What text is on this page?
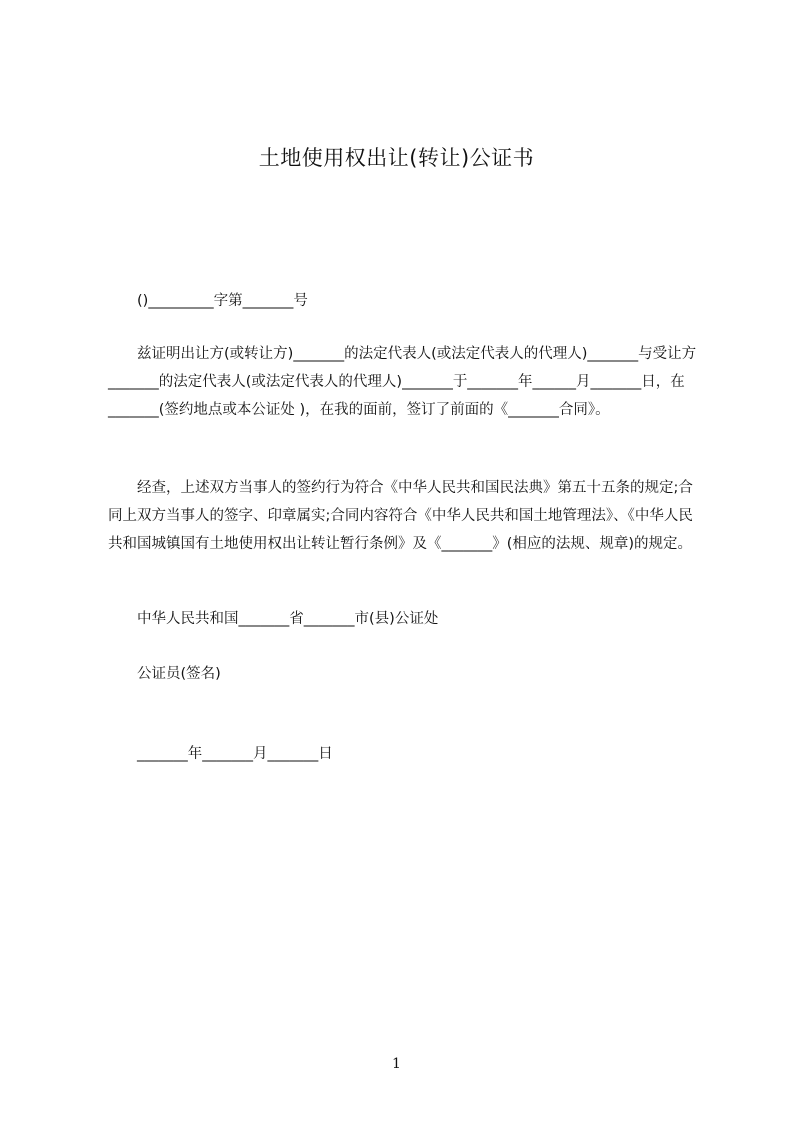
土地使用权出让(转让)公证书
()_________字第_______号
兹证明出让方(或转让方)_______的法定代表人(或法定代表人的代理人)_______与受让方_______的法定代表人(或法定代表人的代理人)_______于_______年______月_______日，在_______(签约地点或本公证处 )，在我的面前，签订了前面的《_______合同》。
经查，上述双方当事人的签约行为符合《中华人民共和国民法典》第五十五条的规定;合同上双方当事人的签字、印章属实;合同内容符合《中华人民共和国土地管理法》、《中华人民共和国城镇国有土地使用权出让转让暂行条例》及《_______》(相应的法规、规章)的规定。
中华人民共和国_______省_______市(县)公证处
公证员(签名)
_______年_______月_______日
1
